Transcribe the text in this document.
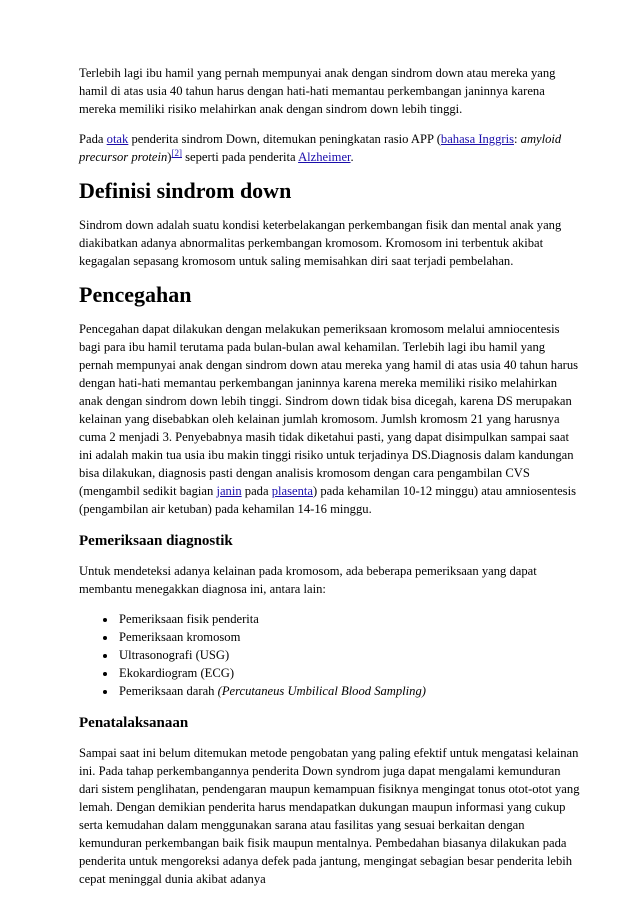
Terlebih lagi ibu hamil yang pernah mempunyai anak dengan sindrom down atau mereka yang hamil di atas usia 40 tahun harus dengan hati-hati memantau perkembangan janinnya karena mereka memiliki risiko melahirkan anak dengan sindrom down lebih tinggi.

Pada otak penderita sindrom Down, ditemukan peningkatan rasio APP (bahasa Inggris: amyloid precursor protein)[2] seperti pada penderita Alzheimer.

Definisi sindrom down

Sindrom down adalah suatu kondisi keterbelakangan perkembangan fisik dan mental anak yang diakibatkan adanya abnormalitas perkembangan kromosom. Kromosom ini terbentuk akibat kegagalan sepasang kromosom untuk saling memisahkan diri saat terjadi pembelahan.

Pencegahan

Pencegahan dapat dilakukan dengan melakukan pemeriksaan kromosom melalui amniocentesis bagi para ibu hamil terutama pada bulan-bulan awal kehamilan. Terlebih lagi ibu hamil yang pernah mempunyai anak dengan sindrom down atau mereka yang hamil di atas usia 40 tahun harus dengan hati-hati memantau perkembangan janinnya karena mereka memiliki risiko melahirkan anak dengan sindrom down lebih tinggi. Sindrom down tidak bisa dicegah, karena DS merupakan kelainan yang disebabkan oleh kelainan jumlah kromosom. Jumlsh kromosm 21 yang harusnya cuma 2 menjadi 3. Penyebabnya masih tidak diketahui pasti, yang dapat disimpulkan sampai saat ini adalah makin tua usia ibu makin tinggi risiko untuk terjadinya DS.Diagnosis dalam kandungan bisa dilakukan, diagnosis pasti dengan analisis kromosom dengan cara pengambilan CVS (mengambil sedikit bagian janin pada plasenta) pada kehamilan 10-12 minggu) atau amniosentesis (pengambilan air ketuban) pada kehamilan 14-16 minggu.

Pemeriksaan diagnostik

Untuk mendeteksi adanya kelainan pada kromosom, ada beberapa pemeriksaan yang dapat membantu menegakkan diagnosa ini, antara lain:

• Pemeriksaan fisik penderita
• Pemeriksaan kromosom
• Ultrasonografi (USG)
• Ekokardiogram (ECG)
• Pemeriksaan darah (Percutaneus Umbilical Blood Sampling)
Penatalaksanaan

Sampai saat ini belum ditemukan metode pengobatan yang paling efektif untuk mengatasi kelainan ini. Pada tahap perkembangannya penderita Down syndrom juga dapat mengalami kemunduran dari sistem penglihatan, pendengaran maupun kemampuan fisiknya mengingat tonus otot-otot yang lemah. Dengan demikian penderita harus mendapatkan dukungan maupun informasi yang cukup serta kemudahan dalam menggunakan sarana atau fasilitas yang sesuai berkaitan dengan kemunduran perkembangan baik fisik maupun mentalnya. Pembedahan biasanya dilakukan pada penderita untuk mengoreksi adanya defek pada jantung, mengingat sebagian besar penderita lebih cepat meninggal dunia akibat adanya
